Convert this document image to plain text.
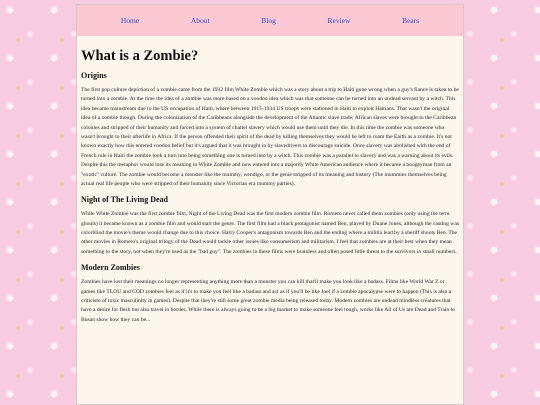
Home	About	Blog	Review	Bears
What is a Zombie?
Origins

The first pop culture depiction of a zombie came from the 1932 film White Zombie which was a story about a trip to Haiti gone wrong when a guy's fiance is taken to be turned into a zombie. At the time the idea of a zombie was more based on a voodoo idea which was that someone can be turned into an undead servant by a witch. This idea became mainstream due to the US occupation of Haiti, where between 1915-1934 US troops were stationed in Haiti to exploit Haitians. That wasn't the original idea of a zombie though. During the colonization of the Caribbeans alongside the development of the Atlantic slave trade; African slaves were brought to the Caribbean colonies and stripped of their humanity and forced into a system of chattel slavery which would use them until they die. In this time the zombie was someone who wasn't brought to their afterlife in Africa. If the person offended their spirit of the dead by killing themselves they would be left to roam the Earth as a zombie. It's not known exactly how this entered voodoo belief but it's argued that it was brought in by slavedrivers to discourage suicide. Once slavery was abolished with the end of French rule in Haiti the zombie took a turn into being something one is turned into by a witch. This zombie was a parallel to slavery and was a warning about its evils. Despite this the metaphor would lose its meaning in White Zombie and now entered into a majority White American audience where it became a boogeyman from an "exotic" culture. The zombie would become a monster like the mummy, wendigo, or the genie stripped of its meaning and history (The mummies themselves being actual real life people who were stripped of their humanity since Victorian era mummy parties).

Night of The Living Dead

While White Zombie was the first zombie film, Night of the Living Dead was the first modern zombie film. Romero never called them zombies (only using the term ghouls) it became known as a zombie film and would start the genre. The first film had a black protagonist named Ben, played by Duane Jones, although the casting was colorblind the movie's theme would change due to this choice. Harry Cooper's antagonism towards Ben and the ending where a militia lead by a sheriff shoots Ben. The other movies in Romero's original trilogy of the Dead would tackle other issues like consumerism and militarism. I feel that zombies are at their best when they mean something to the story, not when they're used as the "bad guy". The zombies in these films were brainless and often posed little threat to the survivors in small numbers.

Modern Zombies

Zombies have lost their meanings no longer representing anything more than a monster you can kill that'll make you look like a badass. Films like World War Z or games like TLOU and COD zombies feel as if it's to make you feel like a badass and act as if you'll be like Joel if a zombie apocalypse were to happen (This is also a criticism of toxic masculinity in games). Despite that they're still some great zombie media being released today. Modern zombies are undead mindless creatures that have a desire for flesh but also travel in hordes. While there is always going to be a big market to make someone feel tough, works like All of Us are Dead and Train to Busan show how they can be...
